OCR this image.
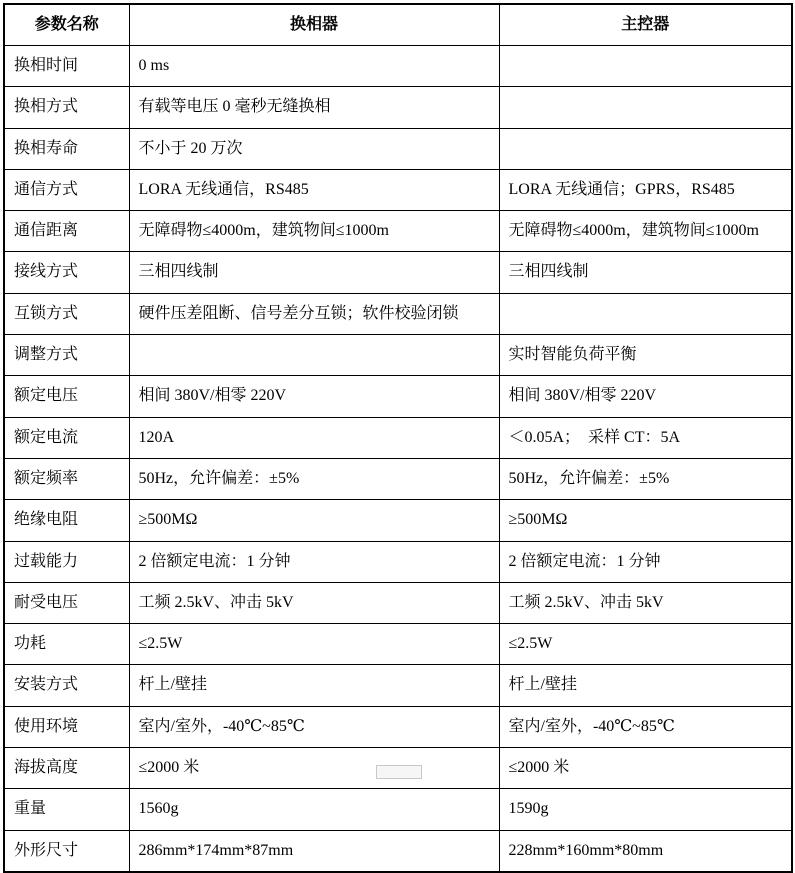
参数名称	换相器	主控器
换相时间	0 ms	
换相方式	有载等电压 0 毫秒无缝换相	
换相寿命	不小于 20 万次	
通信方式	LORA 无线通信，RS485	LORA 无线通信；GPRS，RS485
通信距离	无障碍物≤4000m，建筑物间≤1000m	无障碍物≤4000m，建筑物间≤1000m
接线方式	三相四线制	三相四线制
互锁方式	硬件压差阻断、信号差分互锁；软件校验闭锁	
调整方式		实时智能负荷平衡
额定电压	相间 380V/相零 220V	相间 380V/相零 220V
额定电流	120A	＜0.05A；  采样 CT：5A
额定频率	50Hz，允许偏差：±5%	50Hz，允许偏差：±5%
绝缘电阻	≥500MΩ	≥500MΩ
过载能力	2 倍额定电流：1 分钟	2 倍额定电流：1 分钟
耐受电压	工频 2.5kV、冲击 5kV	工频 2.5kV、冲击 5kV
功耗	≤2.5W	≤2.5W
安装方式	杆上/壁挂	杆上/壁挂
使用环境	室内/室外，-40℃~85℃	室内/室外，-40℃~85℃
海拔高度	≤2000 米	≤2000 米
重量	1560g	1590g
外形尺寸	286mm*174mm*87mm	228mm*160mm*80mm
